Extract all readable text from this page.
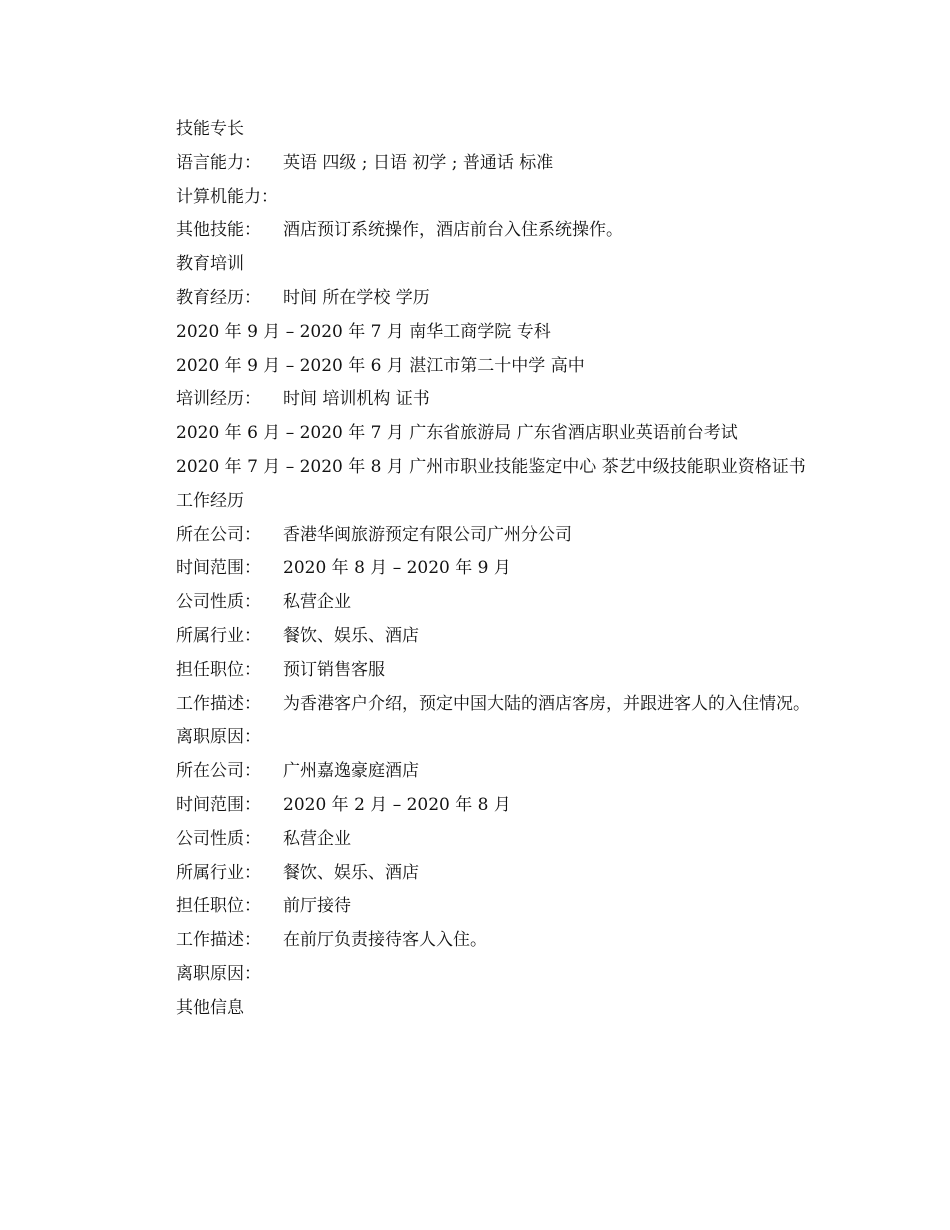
技能专长
语言能力： 英语 四级 ; 日语 初学 ; 普通话 标准
计算机能力：
其他技能： 酒店预订系统操作，酒店前台入住系统操作。
教育培训
教育经历： 时间 所在学校 学历
2020 年 9 月 – 2020 年 7 月 南华工商学院 专科
2020 年 9 月 – 2020 年 6 月 湛江市第二十中学 高中
培训经历： 时间 培训机构 证书
2020 年 6 月 – 2020 年 7 月 广东省旅游局 广东省酒店职业英语前台考试
2020 年 7 月 – 2020 年 8 月 广州市职业技能鉴定中心 茶艺中级技能职业资格证书
工作经历
所在公司： 香港华闽旅游预定有限公司广州分公司
时间范围： 2020 年 8 月 – 2020 年 9 月
公司性质： 私营企业
所属行业： 餐饮、娱乐、酒店
担任职位： 预订销售客服
工作描述： 为香港客户介绍，预定中国大陆的酒店客房，并跟进客人的入住情况。
离职原因：
所在公司： 广州嘉逸豪庭酒店
时间范围： 2020 年 2 月 – 2020 年 8 月
公司性质： 私营企业
所属行业： 餐饮、娱乐、酒店
担任职位： 前厅接待
工作描述： 在前厅负责接待客人入住。
离职原因：
其他信息
